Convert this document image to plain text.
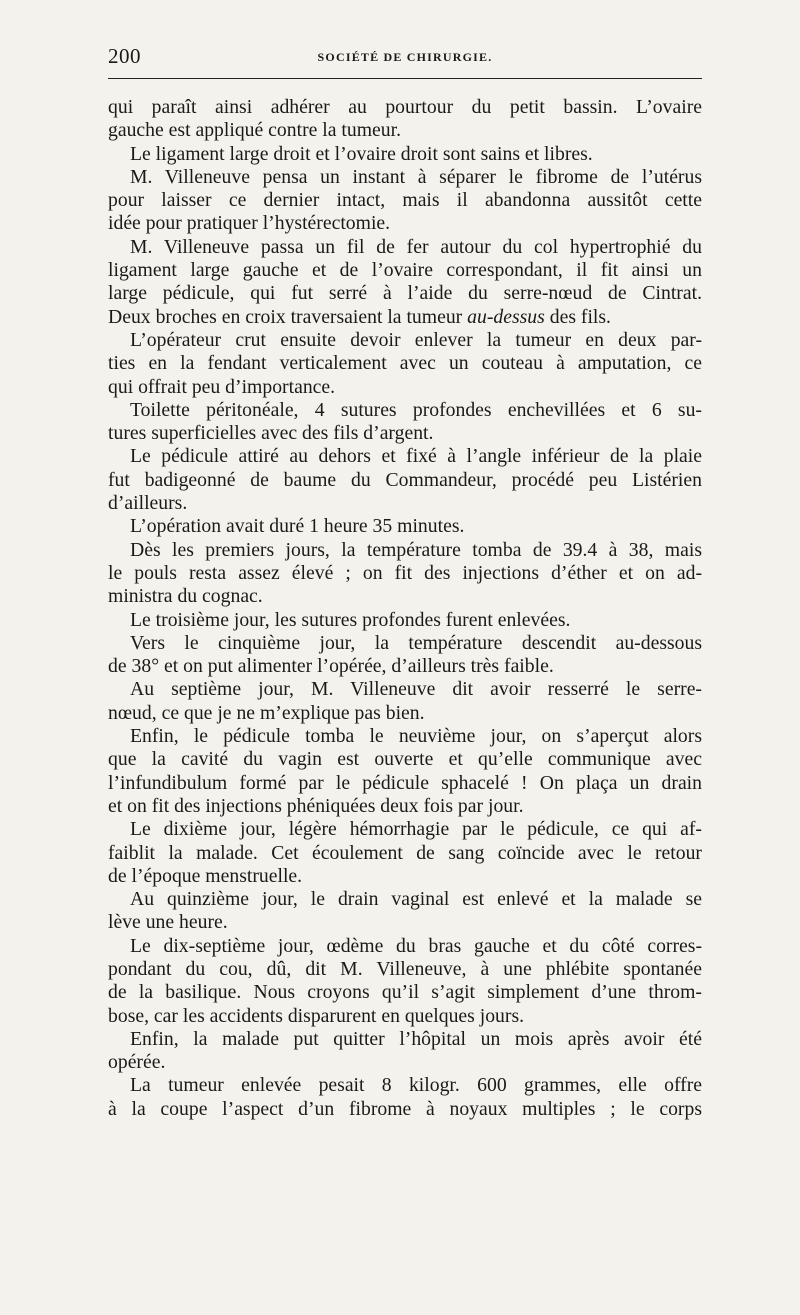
200	SOCIÉTÉ DE CHIRURGIE.
qui paraît ainsi adhérer au pourtour du petit bassin. L’ovaire
gauche est appliqué contre la tumeur.
Le ligament large droit et l’ovaire droit sont sains et libres.
M. Villeneuve pensa un instant à séparer le fibrome de l’utérus
pour laisser ce dernier intact, mais il abandonna aussitôt cette
idée pour pratiquer l’hystérectomie.
M. Villeneuve passa un fil de fer autour du col hypertrophié du
ligament large gauche et de l’ovaire correspondant, il fit ainsi un
large pédicule, qui fut serré à l’aide du serre-nœud de Cintrat.
Deux broches en croix traversaient la tumeur au-dessus des fils.
L’opérateur crut ensuite devoir enlever la tumeur en deux par-
ties en la fendant verticalement avec un couteau à amputation, ce
qui offrait peu d’importance.
Toilette péritonéale, 4 sutures profondes enchevillées et 6 su-
tures superficielles avec des fils d’argent.
Le pédicule attiré au dehors et fixé à l’angle inférieur de la plaie
fut badigeonné de baume du Commandeur, procédé peu Listérien
d’ailleurs.
L’opération avait duré 1 heure 35 minutes.
Dès les premiers jours, la température tomba de 39.4 à 38, mais
le pouls resta assez élevé ; on fit des injections d’éther et on ad-
ministra du cognac.
Le troisième jour, les sutures profondes furent enlevées.
Vers le cinquième jour, la température descendit au-dessous
de 38° et on put alimenter l’opérée, d’ailleurs très faible.
Au septième jour, M. Villeneuve dit avoir resserré le serre-
nœud, ce que je ne m’explique pas bien.
Enfin, le pédicule tomba le neuvième jour, on s’aperçut alors
que la cavité du vagin est ouverte et qu’elle communique avec
l’infundibulum formé par le pédicule sphacelé ! On plaça un drain
et on fit des injections phéniquées deux fois par jour.
Le dixième jour, légère hémorrhagie par le pédicule, ce qui af-
faiblit la malade. Cet écoulement de sang coïncide avec le retour
de l’époque menstruelle.
Au quinzième jour, le drain vaginal est enlevé et la malade se
lève une heure.
Le dix-septième jour, œdème du bras gauche et du côté corres-
pondant du cou, dû, dit M. Villeneuve, à une phlébite spontanée
de la basilique. Nous croyons qu’il s’agit simplement d’une throm-
bose, car les accidents disparurent en quelques jours.
Enfin, la malade put quitter l’hôpital un mois après avoir été
opérée.
La tumeur enlevée pesait 8 kilogr. 600 grammes, elle offre
à la coupe l’aspect d’un fibrome à noyaux multiples ; le corps
